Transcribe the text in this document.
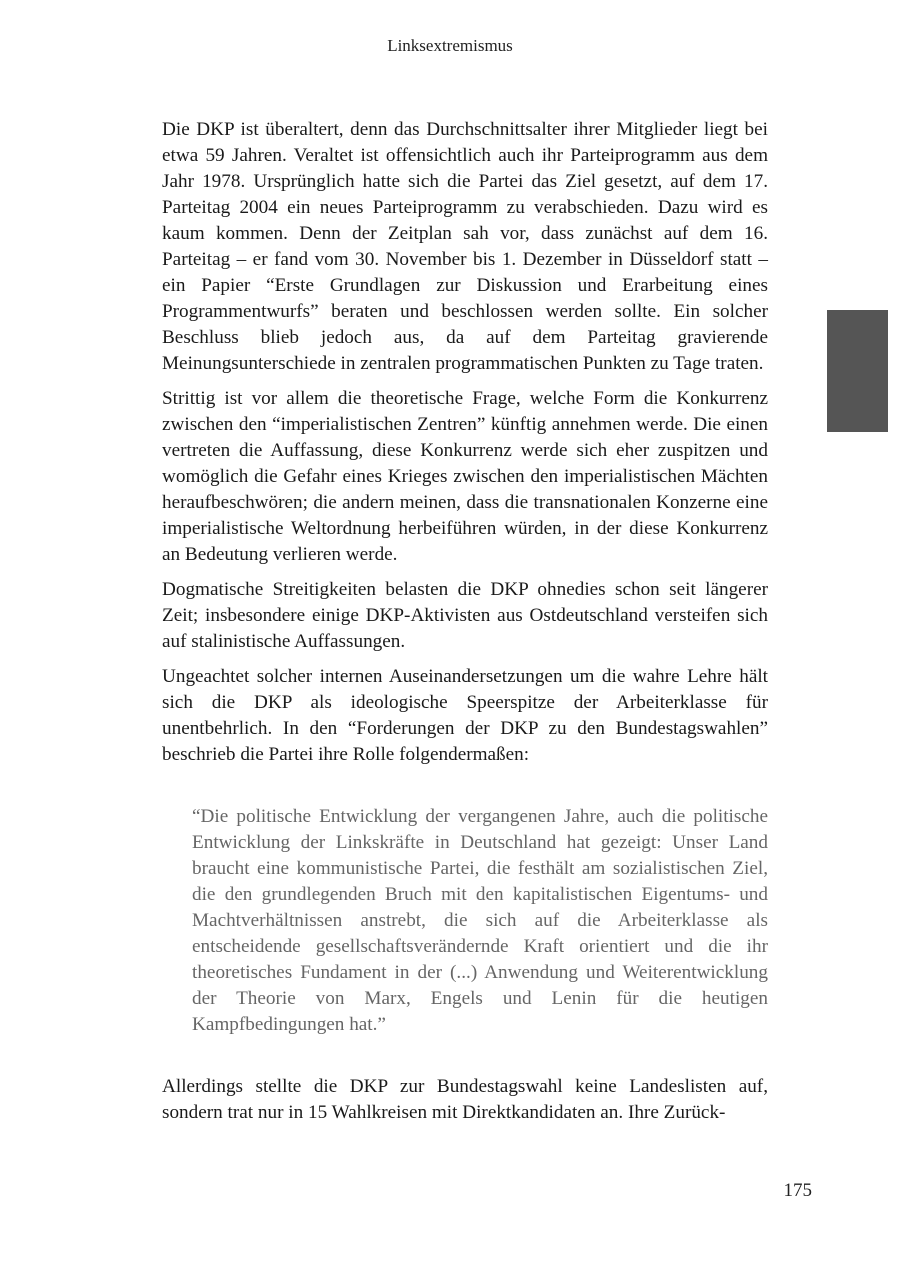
Linksextremismus

Die DKP ist überaltert, denn das Durchschnittsalter ihrer Mitglieder liegt bei etwa 59 Jahren. Veraltet ist offensichtlich auch ihr Parteiprogramm aus dem Jahr 1978. Ursprünglich hatte sich die Partei das Ziel gesetzt, auf dem 17. Parteitag 2004 ein neues Parteiprogramm zu verabschieden. Dazu wird es kaum kommen. Denn der Zeitplan sah vor, dass zunächst auf dem 16. Parteitag – er fand vom 30. November bis 1. Dezember in Düsseldorf statt – ein Papier “Erste Grundlagen zur Diskussion und Erarbeitung eines Programmentwurfs” beraten und beschlossen werden sollte. Ein solcher Beschluss blieb jedoch aus, da auf dem Parteitag gravierende Meinungsunterschiede in zentralen programmatischen Punkten zu Tage traten.

Strittig ist vor allem die theoretische Frage, welche Form die Konkurrenz zwischen den “imperialistischen Zentren” künftig annehmen werde. Die einen vertreten die Auffassung, diese Konkurrenz werde sich eher zuspitzen und womöglich die Gefahr eines Krieges zwischen den imperialistischen Mächten heraufbeschwören; die andern meinen, dass die transnationalen Konzerne eine imperialistische Weltordnung herbeiführen würden, in der diese Konkurrenz an Bedeutung verlieren werde.

Dogmatische Streitigkeiten belasten die DKP ohnedies schon seit längerer Zeit; insbesondere einige DKP-Aktivisten aus Ostdeutschland versteifen sich auf stalinistische Auffassungen.

Ungeachtet solcher internen Auseinandersetzungen um die wahre Lehre hält sich die DKP als ideologische Speerspitze der Arbeiterklasse für unentbehrlich. In den “Forderungen der DKP zu den Bundestagswahlen” beschrieb die Partei ihre Rolle folgendermaßen:

“Die politische Entwicklung der vergangenen Jahre, auch die politische Entwicklung der Linkskräfte in Deutschland hat gezeigt: Unser Land braucht eine kommunistische Partei, die festhält am sozialistischen Ziel, die den grundlegenden Bruch mit den kapitalistischen Eigentums- und Machtverhältnissen anstrebt, die sich auf die Arbeiterklasse als entscheidende gesellschaftsverändernde Kraft orientiert und die ihr theoretisches Fundament in der (...) Anwendung und Weiterentwicklung der Theorie von Marx, Engels und Lenin für die heutigen Kampfbedingungen hat.”

Allerdings stellte die DKP zur Bundestagswahl keine Landeslisten auf, sondern trat nur in 15 Wahlkreisen mit Direktkandidaten an. Ihre Zurück-

175
